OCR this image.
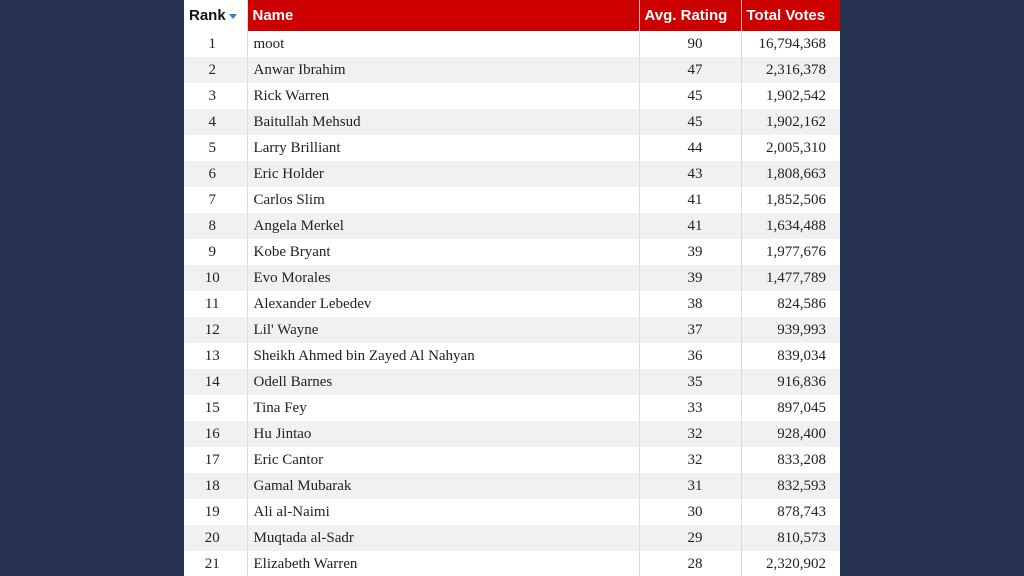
Rank	Name	Avg. Rating	Total Votes
1	moot	90	16,794,368
2	Anwar Ibrahim	47	2,316,378
3	Rick Warren	45	1,902,542
4	Baitullah Mehsud	45	1,902,162
5	Larry Brilliant	44	2,005,310
6	Eric Holder	43	1,808,663
7	Carlos Slim	41	1,852,506
8	Angela Merkel	41	1,634,488
9	Kobe Bryant	39	1,977,676
10	Evo Morales	39	1,477,789
11	Alexander Lebedev	38	824,586
12	Lil' Wayne	37	939,993
13	Sheikh Ahmed bin Zayed Al Nahyan	36	839,034
14	Odell Barnes	35	916,836
15	Tina Fey	33	897,045
16	Hu Jintao	32	928,400
17	Eric Cantor	32	833,208
18	Gamal Mubarak	31	832,593
19	Ali al-Naimi	30	878,743
20	Muqtada al-Sadr	29	810,573
21	Elizabeth Warren	28	2,320,902
